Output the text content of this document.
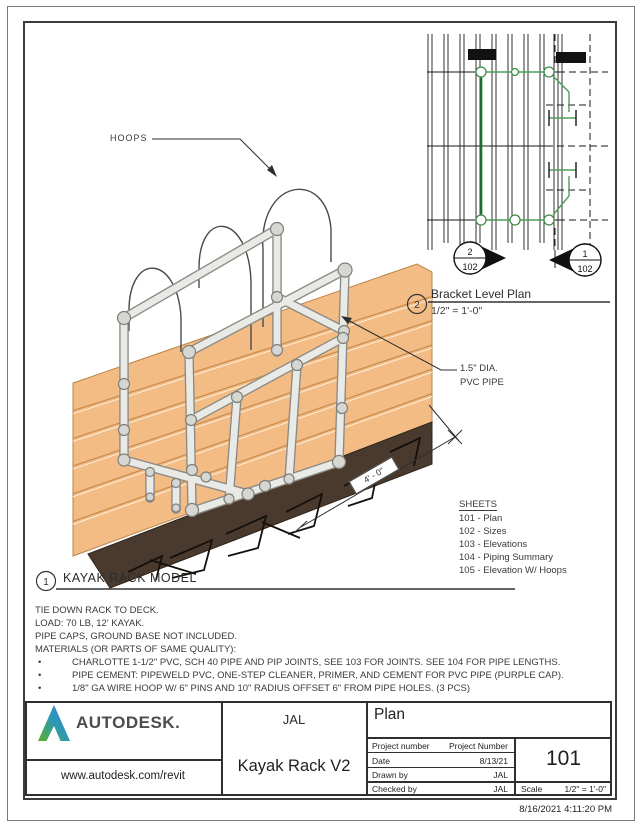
1
2
102
1
102
2
HOOPS
1.5" DIA.
PVC PIPE
4' - 0"
SHEETS
101 - Plan
102 - Sizes
103 - Elevations
104 - Piping Summary
105 - Elevation W/ Hoops
KAYAK RACK MODEL
Bracket Level Plan
1/2" = 1'-0"
TIE DOWN RACK TO DECK.
LOAD: 70 LB, 12' KAYAK.
PIPE CAPS, GROUND BASE NOT INCLUDED.
MATERIALS (OR PARTS OF SAME QUALITY):
•	CHARLOTTE 1-1/2" PVC, SCH 40 PIPE AND PIP JOINTS, SEE 103 FOR JOINTS. SEE 104 FOR PIPE LENGTHS.
•	PIPE CEMENT: PIPEWELD PVC, ONE-STEP CLEANER, PRIMER, AND CEMENT FOR PVC PIPE (PURPLE CAP).
•	1/8" GA WIRE HOOP W/ 6" PINS AND 10" RADIUS OFFSET 6" FROM PIPE HOLES. (3 PCS)
AUTODESK.
www.autodesk.com/revit
JAL
Kayak Rack V2
Plan
Project number	Project Number
Date	8/13/21
Drawn by	JAL
Checked by	JAL
101
Scale	1/2" = 1'-0"
8/16/2021 4:11:20 PM
